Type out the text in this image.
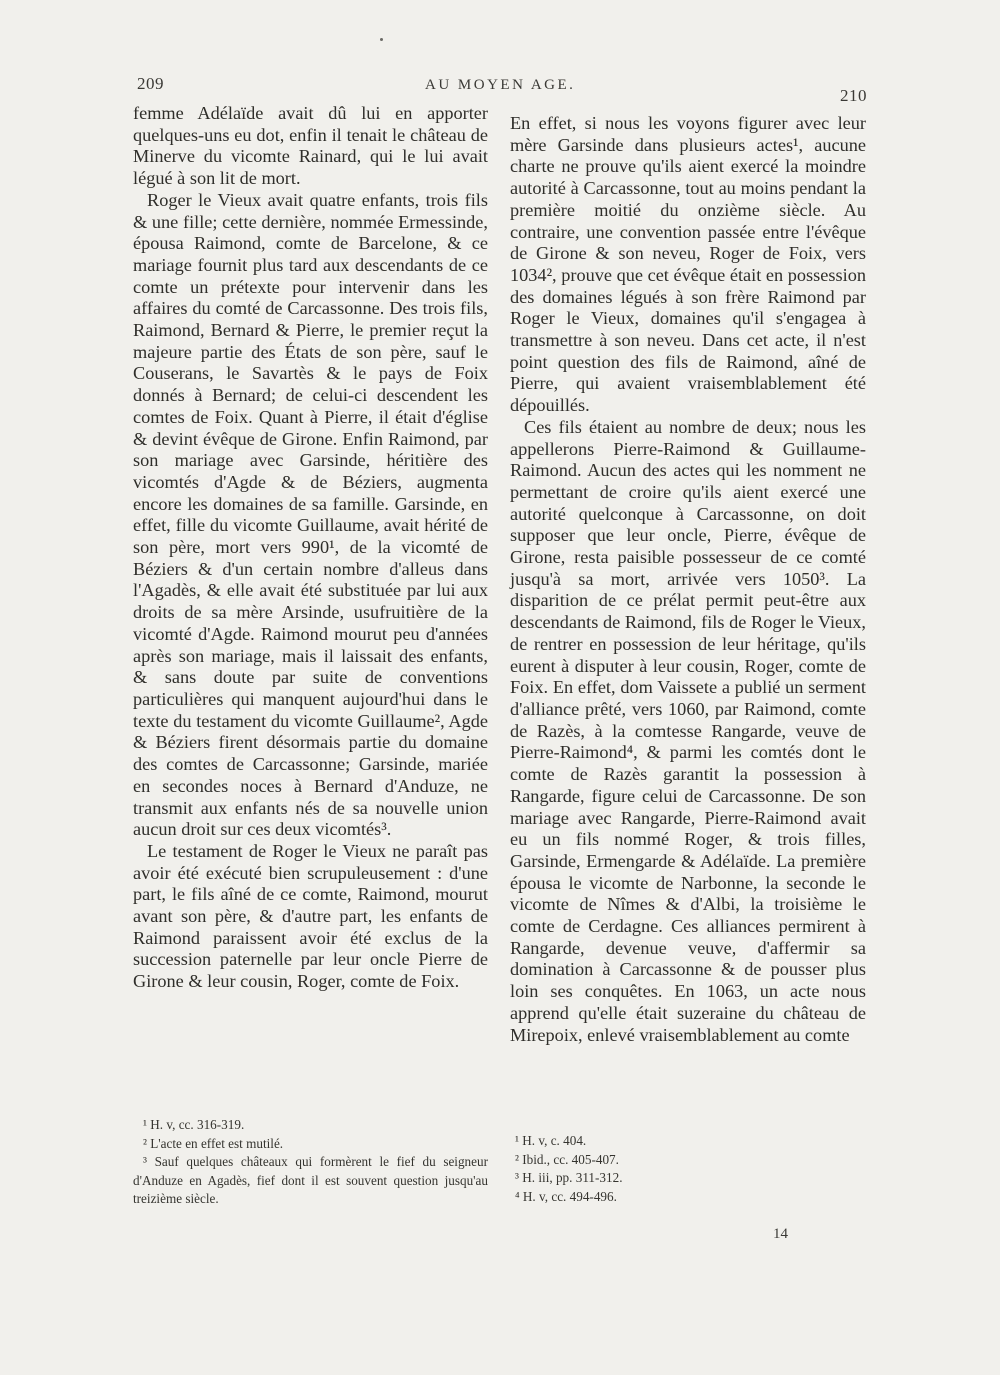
209	AU MOYEN AGE.
210

femme Adélaïde avait dû lui en apporter quelques-uns eu dot, enfin il tenait le château de Minerve du vicomte Rainard, qui le lui avait légué à son lit de mort.

Roger le Vieux avait quatre enfants, trois fils & une fille; cette dernière, nommée Ermessinde, épousa Raimond, comte de Barcelone, & ce mariage fournit plus tard aux descendants de ce comte un prétexte pour intervenir dans les affaires du comté de Carcassonne. Des trois fils, Raimond, Bernard & Pierre, le premier reçut la majeure partie des États de son père, sauf le Couserans, le Savartès & le pays de Foix donnés à Bernard; de celui-ci descendent les comtes de Foix. Quant à Pierre, il était d'église & devint évêque de Girone. Enfin Raimond, par son mariage avec Garsinde, héritière des vicomtés d'Agde & de Béziers, augmenta encore les domaines de sa famille. Garsinde, en effet, fille du vicomte Guillaume, avait hérité de son père, mort vers 990¹, de la vicomté de Béziers & d'un certain nombre d'alleus dans l'Agadès, & elle avait été substituée par lui aux droits de sa mère Arsinde, usufruitière de la vicomté d'Agde. Raimond mourut peu d'années après son mariage, mais il laissait des enfants, & sans doute par suite de conventions particulières qui manquent aujourd'hui dans le texte du testament du vicomte Guillaume², Agde & Béziers firent désormais partie du domaine des comtes de Carcassonne; Garsinde, mariée en secondes noces à Bernard d'Anduze, ne transmit aux enfants nés de sa nouvelle union aucun droit sur ces deux vicomtés³.

Le testament de Roger le Vieux ne paraît pas avoir été exécuté bien scrupuleusement : d'une part, le fils aîné de ce comte, Raimond, mourut avant son père, & d'autre part, les enfants de Raimond paraissent avoir été exclus de la succession paternelle par leur oncle Pierre de Girone & leur cousin, Roger, comte de Foix.

En effet, si nous les voyons figurer avec leur mère Garsinde dans plusieurs actes¹, aucune charte ne prouve qu'ils aient exercé la moindre autorité à Carcassonne, tout au moins pendant la première moitié du onzième siècle. Au contraire, une convention passée entre l'évêque de Girone & son neveu, Roger de Foix, vers 1034², prouve que cet évêque était en possession des domaines légués à son frère Raimond par Roger le Vieux, domaines qu'il s'engagea à transmettre à son neveu. Dans cet acte, il n'est point question des fils de Raimond, aîné de Pierre, qui avaient vraisemblablement été dépouillés.

Ces fils étaient au nombre de deux; nous les appellerons Pierre-Raimond & Guillaume-Raimond. Aucun des actes qui les nomment ne permettant de croire qu'ils aient exercé une autorité quelconque à Carcassonne, on doit supposer que leur oncle, Pierre, évêque de Girone, resta paisible possesseur de ce comté jusqu'à sa mort, arrivée vers 1050³. La disparition de ce prélat permit peut-être aux descendants de Raimond, fils de Roger le Vieux, de rentrer en possession de leur héritage, qu'ils eurent à disputer à leur cousin, Roger, comte de Foix. En effet, dom Vaissete a publié un serment d'alliance prêté, vers 1060, par Raimond, comte de Razès, à la comtesse Rangarde, veuve de Pierre-Raimond⁴, & parmi les comtés dont le comte de Razès garantit la possession à Rangarde, figure celui de Carcassonne. De son mariage avec Rangarde, Pierre-Raimond avait eu un fils nommé Roger, & trois filles, Garsinde, Ermengarde & Adélaïde. La première épousa le vicomte de Narbonne, la seconde le vicomte de Nîmes & d'Albi, la troisième le comte de Cerdagne. Ces alliances permirent à Rangarde, devenue veuve, d'affermir sa domination à Carcassonne & de pousser plus loin ses conquêtes. En 1063, un acte nous apprend qu'elle était suzeraine du château de Mirepoix, enlevé vraisemblablement au comte

¹ H. v, cc. 316-319.

² L'acte en effet est mutilé.

³ Sauf quelques châteaux qui formèrent le fief du seigneur d'Anduze en Agadès, fief dont il est souvent question jusqu'au treizième siècle.

¹ H. v, c. 404.

² Ibid., cc. 405-407.

³ H. iii, pp. 311-312.

⁴ H. v, cc. 494-496.

14
